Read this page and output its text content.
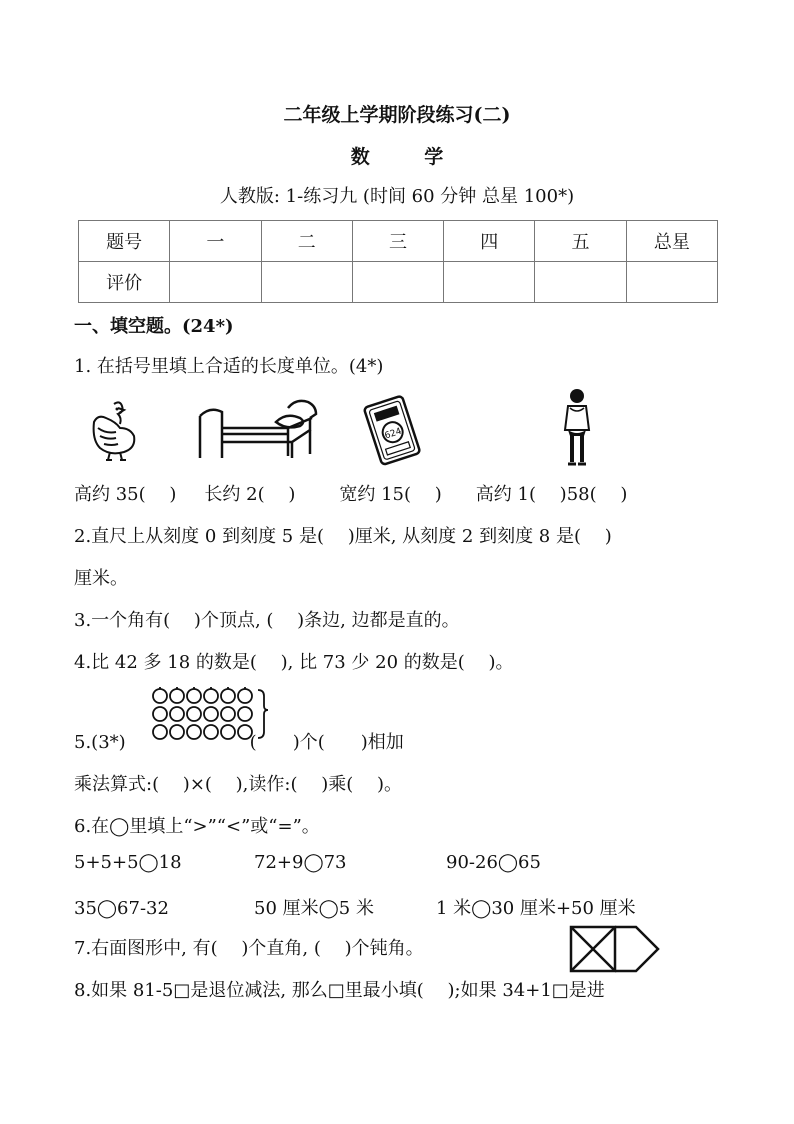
二年级上学期阶段练习(二)
数 学
人教版: 1-练习九 (时间 60 分钟 总星 100*)
题号	一	二	三	四	五	总星
评价						
一、填空题。(24*)
1. 在括号里填上合适的长度单位。(4*)
624
高约 35(　 ) 长约 2(　 ) 宽约 15(　 ) 高约 1(　 )58(　 )
2.直尺上从刻度 0 到刻度 5 是(　 )厘米, 从刻度 2 到刻度 8 是(　 )
厘米。
3.一个角有(　 )个顶点, (　 )条边, 边都是直的。
4.比 42 多 18 的数是(　 ), 比 73 少 20 的数是(　 )。
5.(3*)	(　　)个(　　)相加
乘法算式:(　 )×(　 ),读作:(　 )乘(　 )。
6.在◯里填上“>”“<”或“=”。
5+5+5◯18	72+9◯73	90-26◯65
35◯67-32	50 厘米◯5 米	1 米◯30 厘米+50 厘米
7.右面图形中, 有(　 )个直角, (　 )个钝角。
8.如果 81-5□是退位减法, 那么□里最小填(　 );如果 34+1□是进
